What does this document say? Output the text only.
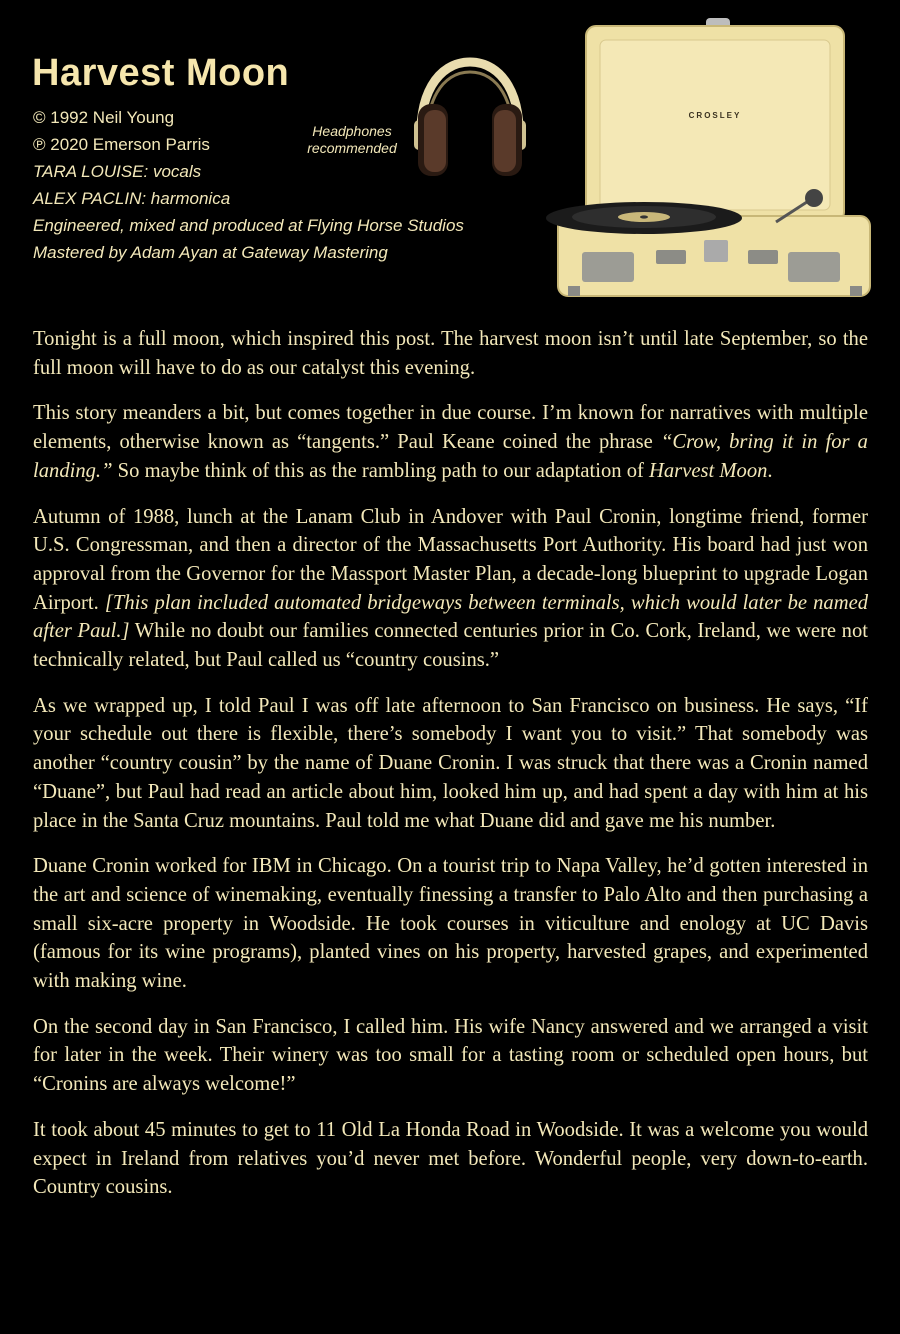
Harvest Moon
© 1992 Neil Young
℗ 2020 Emerson Parris
TARA LOUISE: vocals
ALEX PACLIN: harmonica
Engineered, mixed and produced at Flying Horse Studios
Mastered by Adam Ayan at Gateway Mastering
Headphones
recommended
CROSLEY

Tonight is a full moon, which inspired this post. The harvest moon isn’t until late September, so the full moon will have to do as our catalyst this evening.

This story meanders a bit, but comes together in due course. I’m known for narratives with multiple elements, otherwise known as “tangents.” Paul Keane coined the phrase “Crow, bring it in for a landing.” So maybe think of this as the rambling path to our adaptation of Harvest Moon.

Autumn of 1988, lunch at the Lanam Club in Andover with Paul Cronin, longtime friend, former U.S. Congressman, and then a director of the Massachusetts Port Authority. His board had just won approval from the Governor for the Massport Master Plan, a decade-long blueprint to upgrade Logan Airport. [This plan included automated bridgeways between terminals, which would later be named after Paul.] While no doubt our families connected centuries prior in Co. Cork, Ireland, we were not technically related, but Paul called us “country cousins.”

As we wrapped up, I told Paul I was off late afternoon to San Francisco on business. He says, “If your schedule out there is flexible, there’s somebody I want you to visit.” That somebody was another “country cousin” by the name of Duane Cronin. I was struck that there was a Cronin named “Duane”, but Paul had read an article about him, looked him up, and had spent a day with him at his place in the Santa Cruz mountains. Paul told me what Duane did and gave me his number.

Duane Cronin worked for IBM in Chicago. On a tourist trip to Napa Valley, he’d gotten interested in the art and science of winemaking, eventually finessing a transfer to Palo Alto and then purchasing a small six-acre property in Woodside. He took courses in viticulture and enology at UC Davis (famous for its wine programs), planted vines on his property, harvested grapes, and experimented with making wine.

On the second day in San Francisco, I called him. His wife Nancy answered and we arranged a visit for later in the week. Their winery was too small for a tasting room or scheduled open hours, but “Cronins are always welcome!”

It took about 45 minutes to get to 11 Old La Honda Road in Woodside. It was a welcome you would expect in Ireland from relatives you’d never met before. Wonderful people, very down-to-earth. Country cousins.
